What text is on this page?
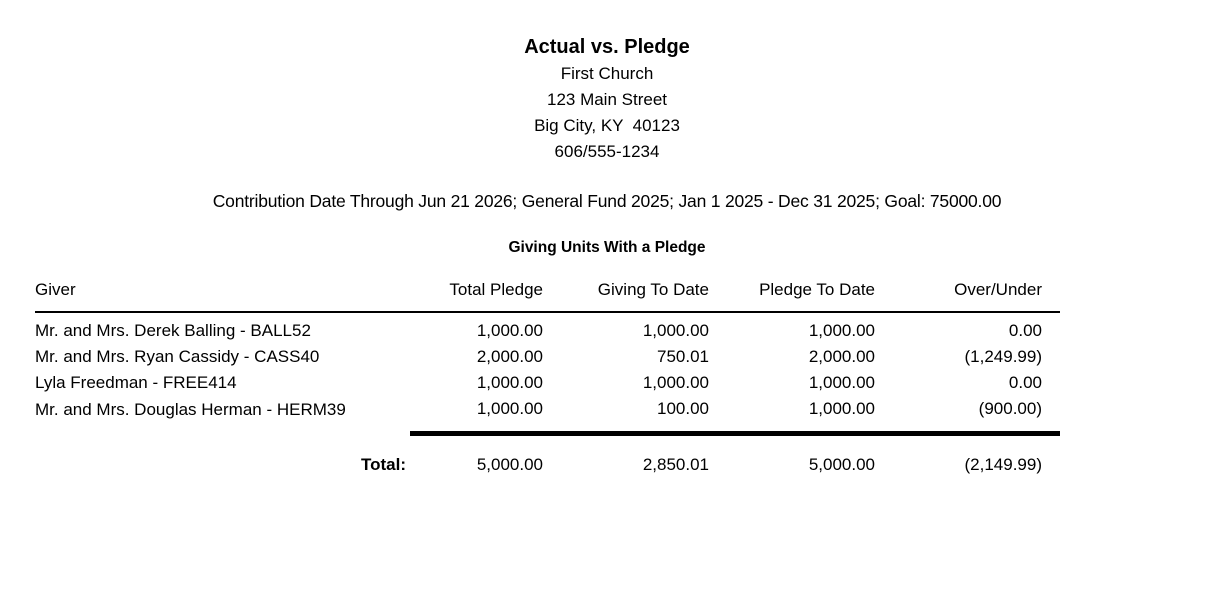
Actual vs. Pledge
First Church
123 Main Street
Big City, KY  40123
606/555-1234
Contribution Date Through Jun 21 2026; General Fund 2025; Jan 1 2025 - Dec 31 2025; Goal: 75000.00
Giving Units With a Pledge
Giver	Total Pledge	Giving To Date	Pledge To Date	Over/Under
Mr. and Mrs. Derek Balling - BALL52	1,000.00	1,000.00	1,000.00	0.00
Mr. and Mrs. Ryan Cassidy - CASS40	2,000.00	750.01	2,000.00	(1,249.99)
Lyla Freedman - FREE414	1,000.00	1,000.00	1,000.00	0.00
Mr. and Mrs. Douglas Herman - HERM39	1,000.00	100.00	1,000.00	(900.00)

Total:	5,000.00	2,850.01	5,000.00	(2,149.99)
